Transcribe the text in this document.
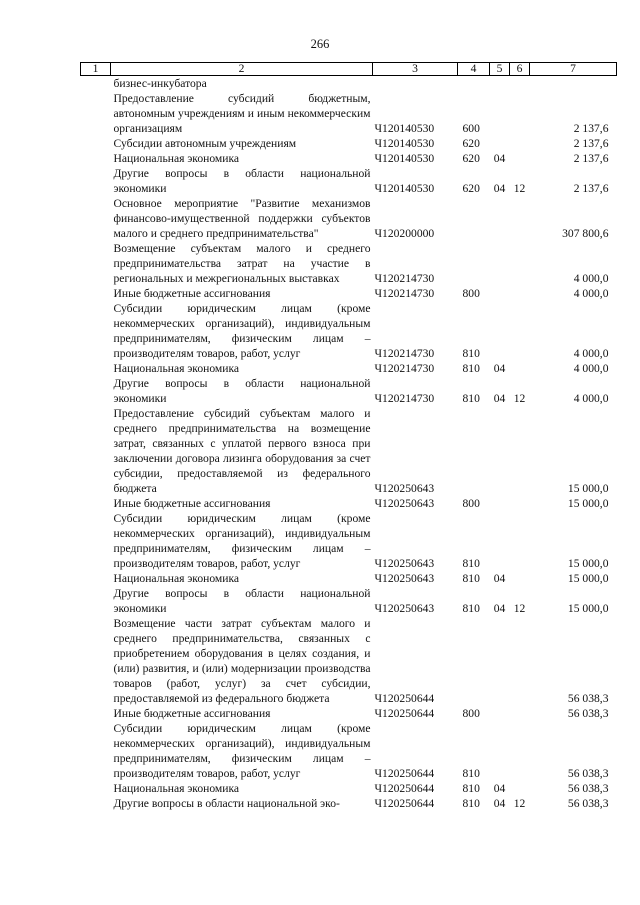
266
1	2	3	4	5	6	7
	бизнес-инкубатора					
	Предоставление субсидий бюджетным, автономным учреждениям и иным некоммерческим организациям	Ч120140530	600			2 137,6
	Субсидии автономным учреждениям	Ч120140530	620			2 137,6
	Национальная экономика	Ч120140530	620	04		2 137,6
	Другие вопросы в области национальной экономики	Ч120140530	620	04	12	2 137,6
	Основное мероприятие "Развитие механизмов финансово-имущественной поддержки субъектов малого и среднего предпринимательства"	Ч120200000				307 800,6
	Возмещение субъектам малого и среднего предпринимательства затрат на участие в региональных и межрегиональных выставках	Ч120214730				4 000,0
	Иные бюджетные ассигнования	Ч120214730	800			4 000,0
	Субсидии юридическим лицам (кроме некоммерческих организаций), индивидуальным предпринимателям, физическим лицам – производителям товаров, работ, услуг	Ч120214730	810			4 000,0
	Национальная экономика	Ч120214730	810	04		4 000,0
	Другие вопросы в области национальной экономики	Ч120214730	810	04	12	4 000,0
	Предоставление субсидий субъектам малого и среднего предпринимательства на возмещение затрат, связанных с уплатой первого взноса при заключении договора лизинга оборудования за счет субсидии, предоставляемой из федерального бюджета	Ч120250643				15 000,0
	Иные бюджетные ассигнования	Ч120250643	800			15 000,0
	Субсидии юридическим лицам (кроме некоммерческих организаций), индивидуальным предпринимателям, физическим лицам – производителям товаров, работ, услуг	Ч120250643	810			15 000,0
	Национальная экономика	Ч120250643	810	04		15 000,0
	Другие вопросы в области национальной экономики	Ч120250643	810	04	12	15 000,0
	Возмещение части затрат субъектам малого и среднего предпринимательства, связанных с приобретением оборудования в целях создания, и (или) развития, и (или) модернизации производства товаров (работ, услуг) за счет субсидии, предоставляемой из федерального бюджета	Ч120250644				56 038,3
	Иные бюджетные ассигнования	Ч120250644	800			56 038,3
	Субсидии юридическим лицам (кроме некоммерческих организаций), индивидуальным предпринимателям, физическим лицам – производителям товаров, работ, услуг	Ч120250644	810			56 038,3
	Национальная экономика	Ч120250644	810	04		56 038,3
	Другие вопросы в области национальной эко-	Ч120250644	810	04	12	56 038,3
